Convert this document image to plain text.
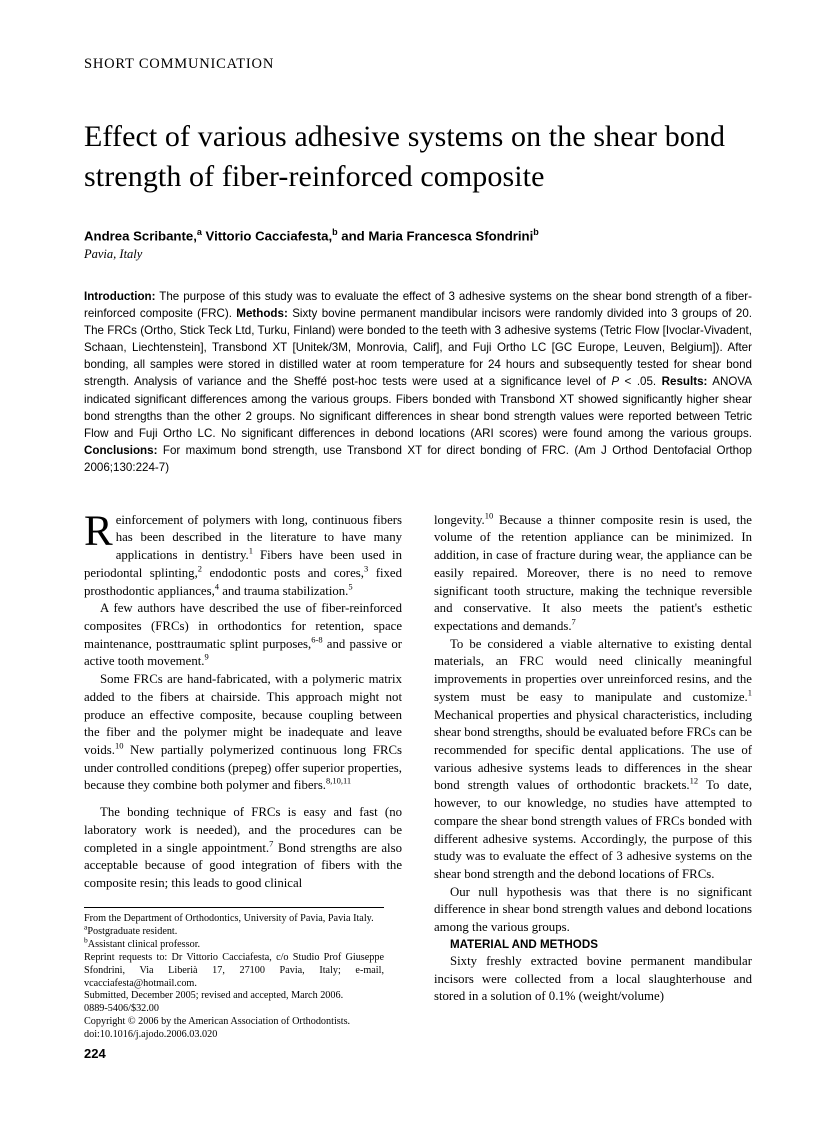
SHORT COMMUNICATION
Effect of various adhesive systems on the shear bond strength of fiber-reinforced composite
Andrea Scribante,$^a$ Vittorio Cacciafesta,$^b$ and Maria Francesca Sfondrini$^b$
Pavia, Italy
Introduction: The purpose of this study was to evaluate the effect of 3 adhesive systems on the shear bond strength of a fiber-reinforced composite (FRC). Methods: Sixty bovine permanent mandibular incisors were randomly divided into 3 groups of 20. The FRCs (Ortho, Stick Teck Ltd, Turku, Finland) were bonded to the teeth with 3 adhesive systems (Tetric Flow [Ivoclar-Vivadent, Schaan, Liechtenstein], Transbond XT [Unitek/3M, Monrovia, Calif], and Fuji Ortho LC [GC Europe, Leuven, Belgium]). After bonding, all samples were stored in distilled water at room temperature for 24 hours and subsequently tested for shear bond strength. Analysis of variance and the Sheffé post-hoc tests were used at a significance level of P < .05. Results: ANOVA indicated significant differences among the various groups. Fibers bonded with Transbond XT showed significantly higher shear bond strengths than the other 2 groups. No significant differences in shear bond strength values were reported between Tetric Flow and Fuji Ortho LC. No significant differences in debond locations (ARI scores) were found among the various groups. Conclusions: For maximum bond strength, use Transbond XT for direct bonding of FRC. (Am J Orthod Dentofacial Orthop 2006;130:224-7)

Reinforcement of polymers with long, continuous fibers has been described in the literature to have many applications in dentistry.$^1$ Fibers have been used in periodontal splinting,$^2$ endodontic posts and cores,$^3$ fixed prosthodontic appliances,$^4$ and trauma stabilization.$^5$

A few authors have described the use of fiber-reinforced composites (FRCs) in orthodontics for retention, space maintenance, posttraumatic splint purposes,$^{6-8}$ and passive or active tooth movement.$^9$

Some FRCs are hand-fabricated, with a polymeric matrix added to the fibers at chairside. This approach might not produce an effective composite, because coupling between the fiber and the polymer might be inadequate and leave voids.$^{10}$ New partially polymerized continuous long FRCs under controlled conditions (prepeg) offer superior properties, because they combine both polymer and fibers.$^{8,10,11}$

The bonding technique of FRCs is easy and fast (no laboratory work is needed), and the procedures can be completed in a single appointment.$^7$ Bond strengths are also acceptable because of good integration of fibers with the composite resin; this leads to good clinical

From the Department of Orthodontics, University of Pavia, Pavia Italy.

$^a$Postgraduate resident.

$^b$Assistant clinical professor.

Reprint requests to: Dr Vittorio Cacciafesta, c/o Studio Prof Giuseppe Sfondrini, Via Liberià 17, 27100 Pavia, Italy; e-mail, vcacciafesta@hotmail.com.

Submitted, December 2005; revised and accepted, March 2006.

0889-5406/$32.00

Copyright © 2006 by the American Association of Orthodontists.

doi:10.1016/j.ajodo.2006.03.020

longevity.$^{10}$ Because a thinner composite resin is used, the volume of the retention appliance can be minimized. In addition, in case of fracture during wear, the appliance can be easily repaired. Moreover, there is no need to remove significant tooth structure, making the technique reversible and conservative. It also meets the patient's esthetic expectations and demands.$^7$

To be considered a viable alternative to existing dental materials, an FRC would need clinically meaningful improvements in properties over unreinforced resins, and the system must be easy to manipulate and customize.$^1$ Mechanical properties and physical characteristics, including shear bond strengths, should be evaluated before FRCs can be recommended for specific dental applications. The use of various adhesive systems leads to differences in the shear bond strength values of orthodontic brackets.$^{12}$ To date, however, to our knowledge, no studies have attempted to compare the shear bond strength values of FRCs bonded with different adhesive systems. Accordingly, the purpose of this study was to evaluate the effect of 3 adhesive systems on the shear bond strength and the debond locations of FRCs.

Our null hypothesis was that there is no significant difference in shear bond strength values and debond locations among the various groups.

MATERIAL AND METHODS

Sixty freshly extracted bovine permanent mandibular incisors were collected from a local slaughterhouse and stored in a solution of 0.1% (weight/volume)

224
